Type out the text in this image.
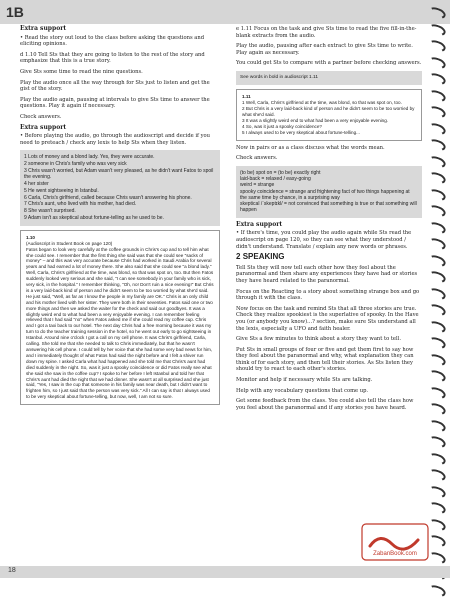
1B
Extra support

• Read the story out loud to the class before asking the questions and eliciting opinions.

d 1.10 Tell Sts that they are going to listen to the rest of the story and emphasize that this is a true story.

Give Sts some time to read the nine questions.

Play the audio once all the way through for Sts just to listen and get the gist of the story.

Play the audio again, pausing at intervals to give Sts time to answer the questions. Play it again if necessary.

Check answers.

Extra support

• Before playing the audio, go through the audioscript and decide if you need to preteach / check any lexis to help Sts when they listen.

1 Lots of money and a blond lady. Yes, they were accurate.
2 someone in Chris's family who was very sick
3 Chris wasn't worried, but Adam wasn't very pleased, as he didn't want Fatos to spoil the evening.
4 her sister
5 He went sightseeing in Istanbul.
6 Carla, Chris's girlfriend, called because Chris wasn't answering his phone.
7 Chris's aunt, who lived with his mother, had died.
8 She wasn't surprised.
9 Adam isn't as skeptical about fortune-telling as he used to be.
1.10
(Audioscript in Student Book on page 120)
Fatos began to look very carefully at the coffee grounds in Chris's cup and to tell him what she could see. I remember that the first thing she said was that she could see "sacks of money" – and this was very accurate because Chris had worked in Saudi Arabia for several years and had earned a lot of money there. She also said that she could see "a blond lady." Well, Carla, Chris's girlfriend at the time, was blond, so that was spot on, too. But then Fatos suddenly looked very serious and she said, "I can see somebody in your family who is sick, very sick, in the hospital." I remember thinking, "Oh, no! Don't ruin a nice evening!" But Chris is a very laid-back kind of person and he didn't seem to be too worried by what she'd said. He just said, "Well, as far as I know the people in my family are OK." Chris is an only child and his mother lived with her sister. They were both in their seventies. Fatos said one or two more things and then we asked the waiter for the check and said our goodbyes. It was a slightly weird end to what had been a very enjoyable evening. I can remember feeling relieved that I had said "no" when Fatos asked me if she could read my coffee cup. Chris and I got a taxi back to our hotel. The next day Chris had a free morning because it was my turn to do the teacher training session in the hotel, so he went out early to go sightseeing in Istanbul. Around nine o'clock I got a call on my cell phone. It was Chris's girlfriend, Carla, calling. She told me that she needed to talk to Chris immediately, but that he wasn't answering his cell phone. I could tell by her voice that she had some very bad news for him, and I immediately thought of what Fatos had said the night before and I felt a shiver run down my spine. I asked Carla what had happened and she told me that Chris's aunt had died suddenly in the night. So, was it just a spooky coincidence or did Fatos really see what she said she saw in the coffee cup? I spoke to her before I left Istanbul and told her that Chris's aunt had died the night that we had dinner. She wasn't at all surprised and she just said, "Yes, I saw in the cup that someone in his family was near death, but I didn't want to frighten him, so I just said that the person was very sick." All I can say is that I always used to be very skeptical about fortune-telling, but now, well, I am not so sure.

e 1.11 Focus on the task and give Sts time to read the five fill-in-the-blank extracts from the audio.

Play the audio, pausing after each extract to give Sts time to write. Play again as necessary.

You could get Sts to compare with a partner before checking answers.

See words in bold in audioscript 1.11
1.11
1 Well, Carla, Chris's girlfriend at the time, was blond, so that was spot on, too.
2 But Chris is a very laid-back kind of person and he didn't seem to be too worried by what she'd said.
3 It was a slightly weird end to what had been a very enjoyable evening.
4 So, was it just a spooky coincidence?
5 I always used to be very skeptical about fortune-telling...

Now in pairs or as a class discuss what the words mean.

Check answers.

(to be) spot on = (to be) exactly right
laid-back = relaxed / easy-going
weird = strange
spooky coincidence = strange and frightening fact of two things happening at the same time by chance, in a surprising way
skeptical /ˈskeptɪkl/ = not convinced that something is true or that something will happen
Extra support

• If there's time, you could play the audio again while Sts read the audioscript on page 120, so they can see what they understood / didn't understand. Translate / explain any new words or phrases.

2 SPEAKING

Tell Sts they will now tell each other how they feel about the paranormal and then share any experiences they have had or stories they have heard related to the paranormal.

Focus on the Reacting to a story about something strange box and go through it with the class.

Now focus on the task and remind Sts that all three stories are true. Check they realize spookiest is the superlative of spooky. In the Have you (or anybody you know)...? section, make sure Sts understand all the lexis, especially a UFO and faith healer.

Give Sts a few minutes to think about a story they want to tell.

Put Sts in small groups of four or five and get them first to say how they feel about the paranormal and why, what explanation they can think of for each story, and then tell their stories. As Sts listen they should try to react to each other's stories.

Monitor and help if necessary while Sts are talking.

Help with any vocabulary questions that come up.

Get some feedback from the class. You could also tell the class how you feel about the paranormal and if any stories you have heard.

ZabanBook.com
18
